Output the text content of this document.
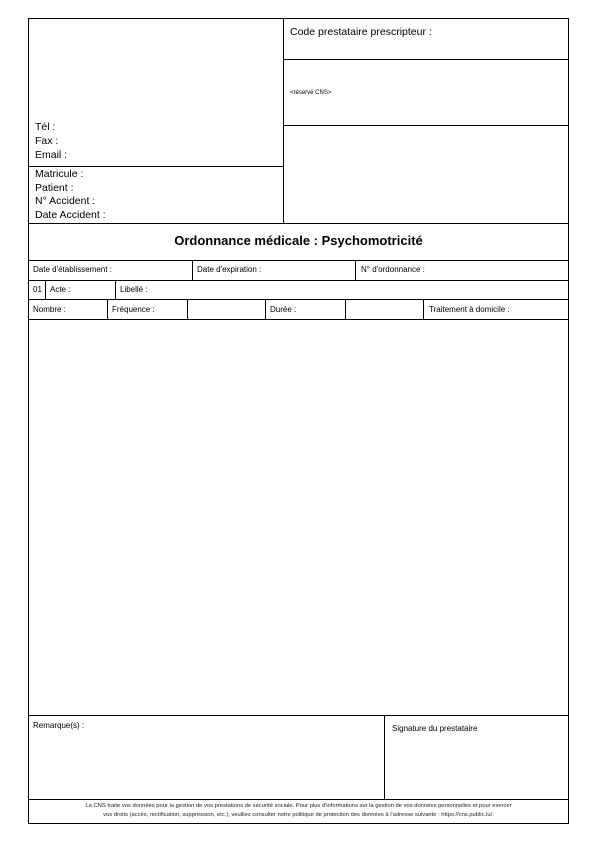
Tél :
Fax :
Email :
Matricule :
Patient :
N° Accident :
Date Accident :
Code prestataire prescripteur :
<réservé CNS>
Ordonnance médicale : Psychomotricité
Date d'établissement :	Date d'expiration :	N° d'ordonnance :
01	Acte :	Libellé :
Nombre :	Fréquence :	Durée :	Traitement à domicile :
Remarque(s) :	Signature du prestataire
La CNS traite vos données pour la gestion de vos prestations de sécurité sociale. Pour plus d'informations sur la gestion de vos données personnelles et pour exercer
vos droits (accès, rectification, suppression, etc.), veuillez consulter notre politique de protection des données à l'adresse suivante : https://cns.public.lu/.
